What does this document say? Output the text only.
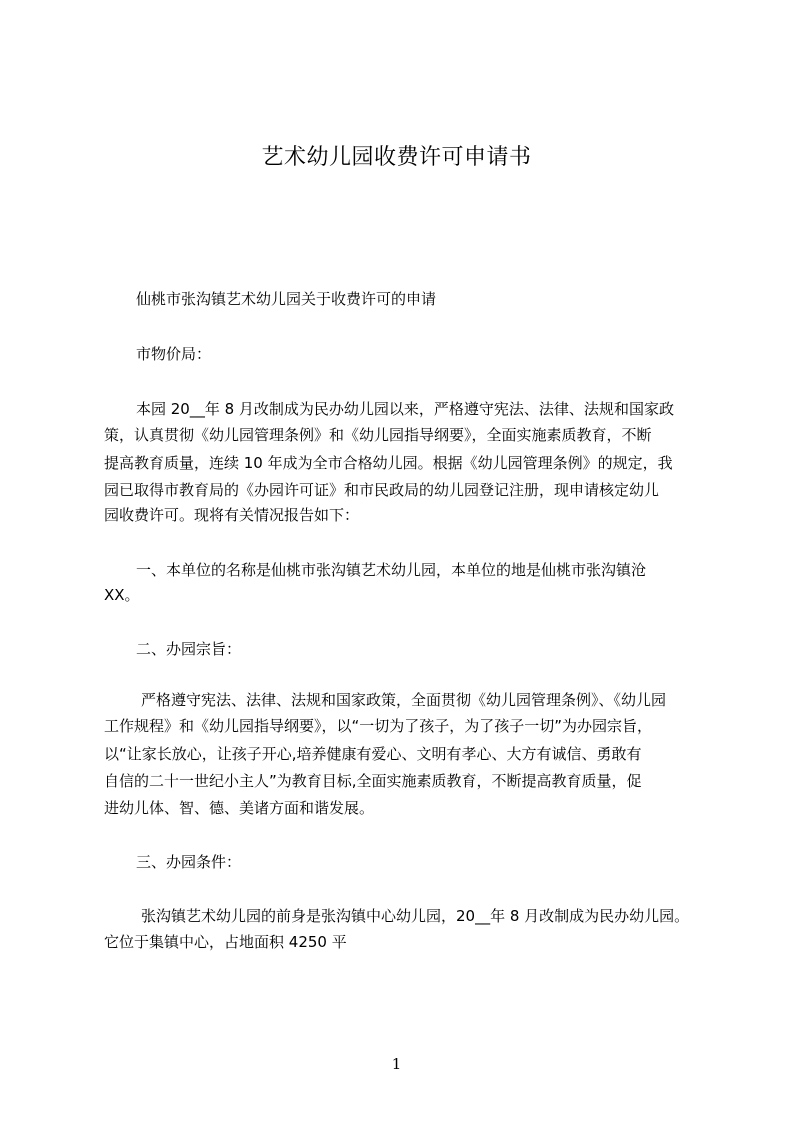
艺术幼儿园收费许可申请书
仙桃市张沟镇艺术幼儿园关于收费许可的申请
市物价局：
本园 20__年 8 月改制成为民办幼儿园以来，严格遵守宪法、法律、法规和国家政
策，认真贯彻《幼儿园管理条例》和《幼儿园指导纲要》，全面实施素质教育，不断
提高教育质量，连续 10 年成为全市合格幼儿园。根据《幼儿园管理条例》的规定，我
园已取得市教育局的《办园许可证》和市民政局的幼儿园登记注册，现申请核定幼儿
园收费许可。现将有关情况报告如下：
一、本单位的名称是仙桃市张沟镇艺术幼儿园，本单位的地是仙桃市张沟镇沧
XX。
二、办园宗旨：
严格遵守宪法、法律、法规和国家政策，全面贯彻《幼儿园管理条例》、《幼儿园
工作规程》和《幼儿园指导纲要》，以“一切为了孩子，为了孩子一切”为办园宗旨，
以“让家长放心，让孩子开心,培养健康有爱心、文明有孝心、大方有诚信、勇敢有
自信的二十一世纪小主人”为教育目标,全面实施素质教育，不断提高教育质量，促
进幼儿体、智、德、美诸方面和谐发展。
三、办园条件：
张沟镇艺术幼儿园的前身是张沟镇中心幼儿园，20__年 8 月改制成为民办幼儿园。
它位于集镇中心，占地面积 4250 平
1
